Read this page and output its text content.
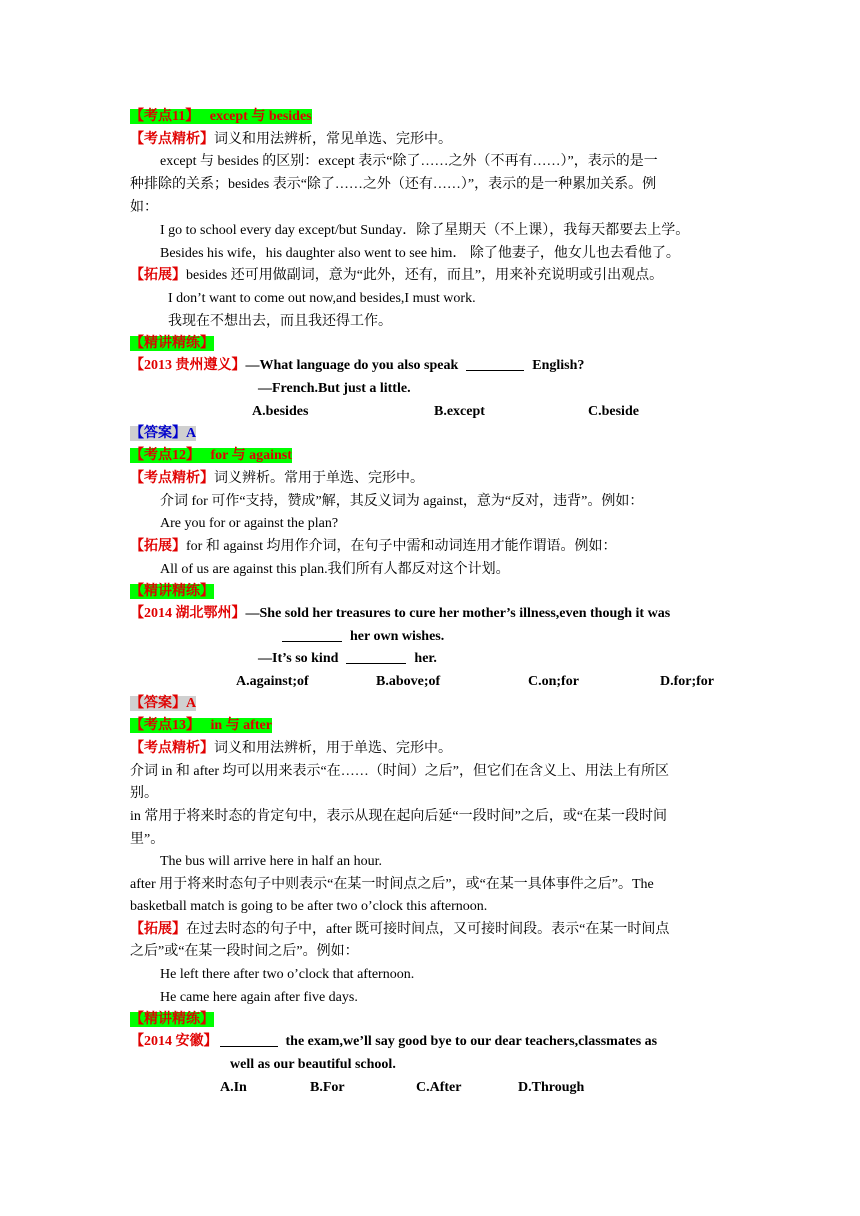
【考点11】 except 与 besides
【考点精析】词义和用法辨析，常见单选、完形中。
except 与 besides 的区别：except 表示“除了……之外（不再有……）”，表示的是一
种排除的关系；besides 表示“除了……之外（还有……）”，表示的是一种累加关系。例
如：
I go to school every day except/but Sunday．除了星期天（不上课），我每天都要去上学。
Besides his wife，his daughter also went to see him． 除了他妻子，他女儿也去看他了。
【拓展】besides 还可用做副词，意为“此外，还有，而且”，用来补充说明或引出观点。
I don’t want to come out now,and besides,I must work.
我现在不想出去，而且我还得工作。
【精讲精练】
【2013 贵州遵义】—What language do you also speak	English?
—French.But just a little.
A.besides	B.except	C.beside
【答案】A
【考点12】 for 与 against
【考点精析】词义辨析。常用于单选、完形中。
介词 for 可作“支持，赞成”解，其反义词为 against，意为“反对，违背”。例如：
Are you for or against the plan?
【拓展】for 和 against 均用作介词，在句子中需和动词连用才能作谓语。例如：
All of us are against this plan.我们所有人都反对这个计划。
【精讲精练】
【2014 湖北鄂州】—She sold her treasures to cure her mother’s illness,even though it was
her own wishes.
—It’s so kind	her.
A.against;of	B.above;of	C.on;for	D.for;for
【答案】A
【考点13】 in 与 after
【考点精析】词义和用法辨析，用于单选、完形中。
介词 in 和 after 均可以用来表示“在……（时间）之后”，但它们在含义上、用法上有所区
别。
in 常用于将来时态的肯定句中，表示从现在起向后延“一段时间”之后，或“在某一段时间
里”。
The bus will arrive here in half an hour.
after 用于将来时态句子中则表示“在某一时间点之后”，或“在某一具体事件之后”。The
basketball match is going to be after two o’clock this afternoon.
【拓展】在过去时态的句子中，after 既可接时间点，又可接时间段。表示“在某一时间点
之后”或“在某一段时间之后”。例如：
He left there after two o’clock that afternoon.
He came here again after five days.
【精讲精练】
【2014 安徽】	the exam,we’ll say good bye to our dear teachers,classmates as
well as our beautiful school.
A.In	B.For	C.After	D.Through
